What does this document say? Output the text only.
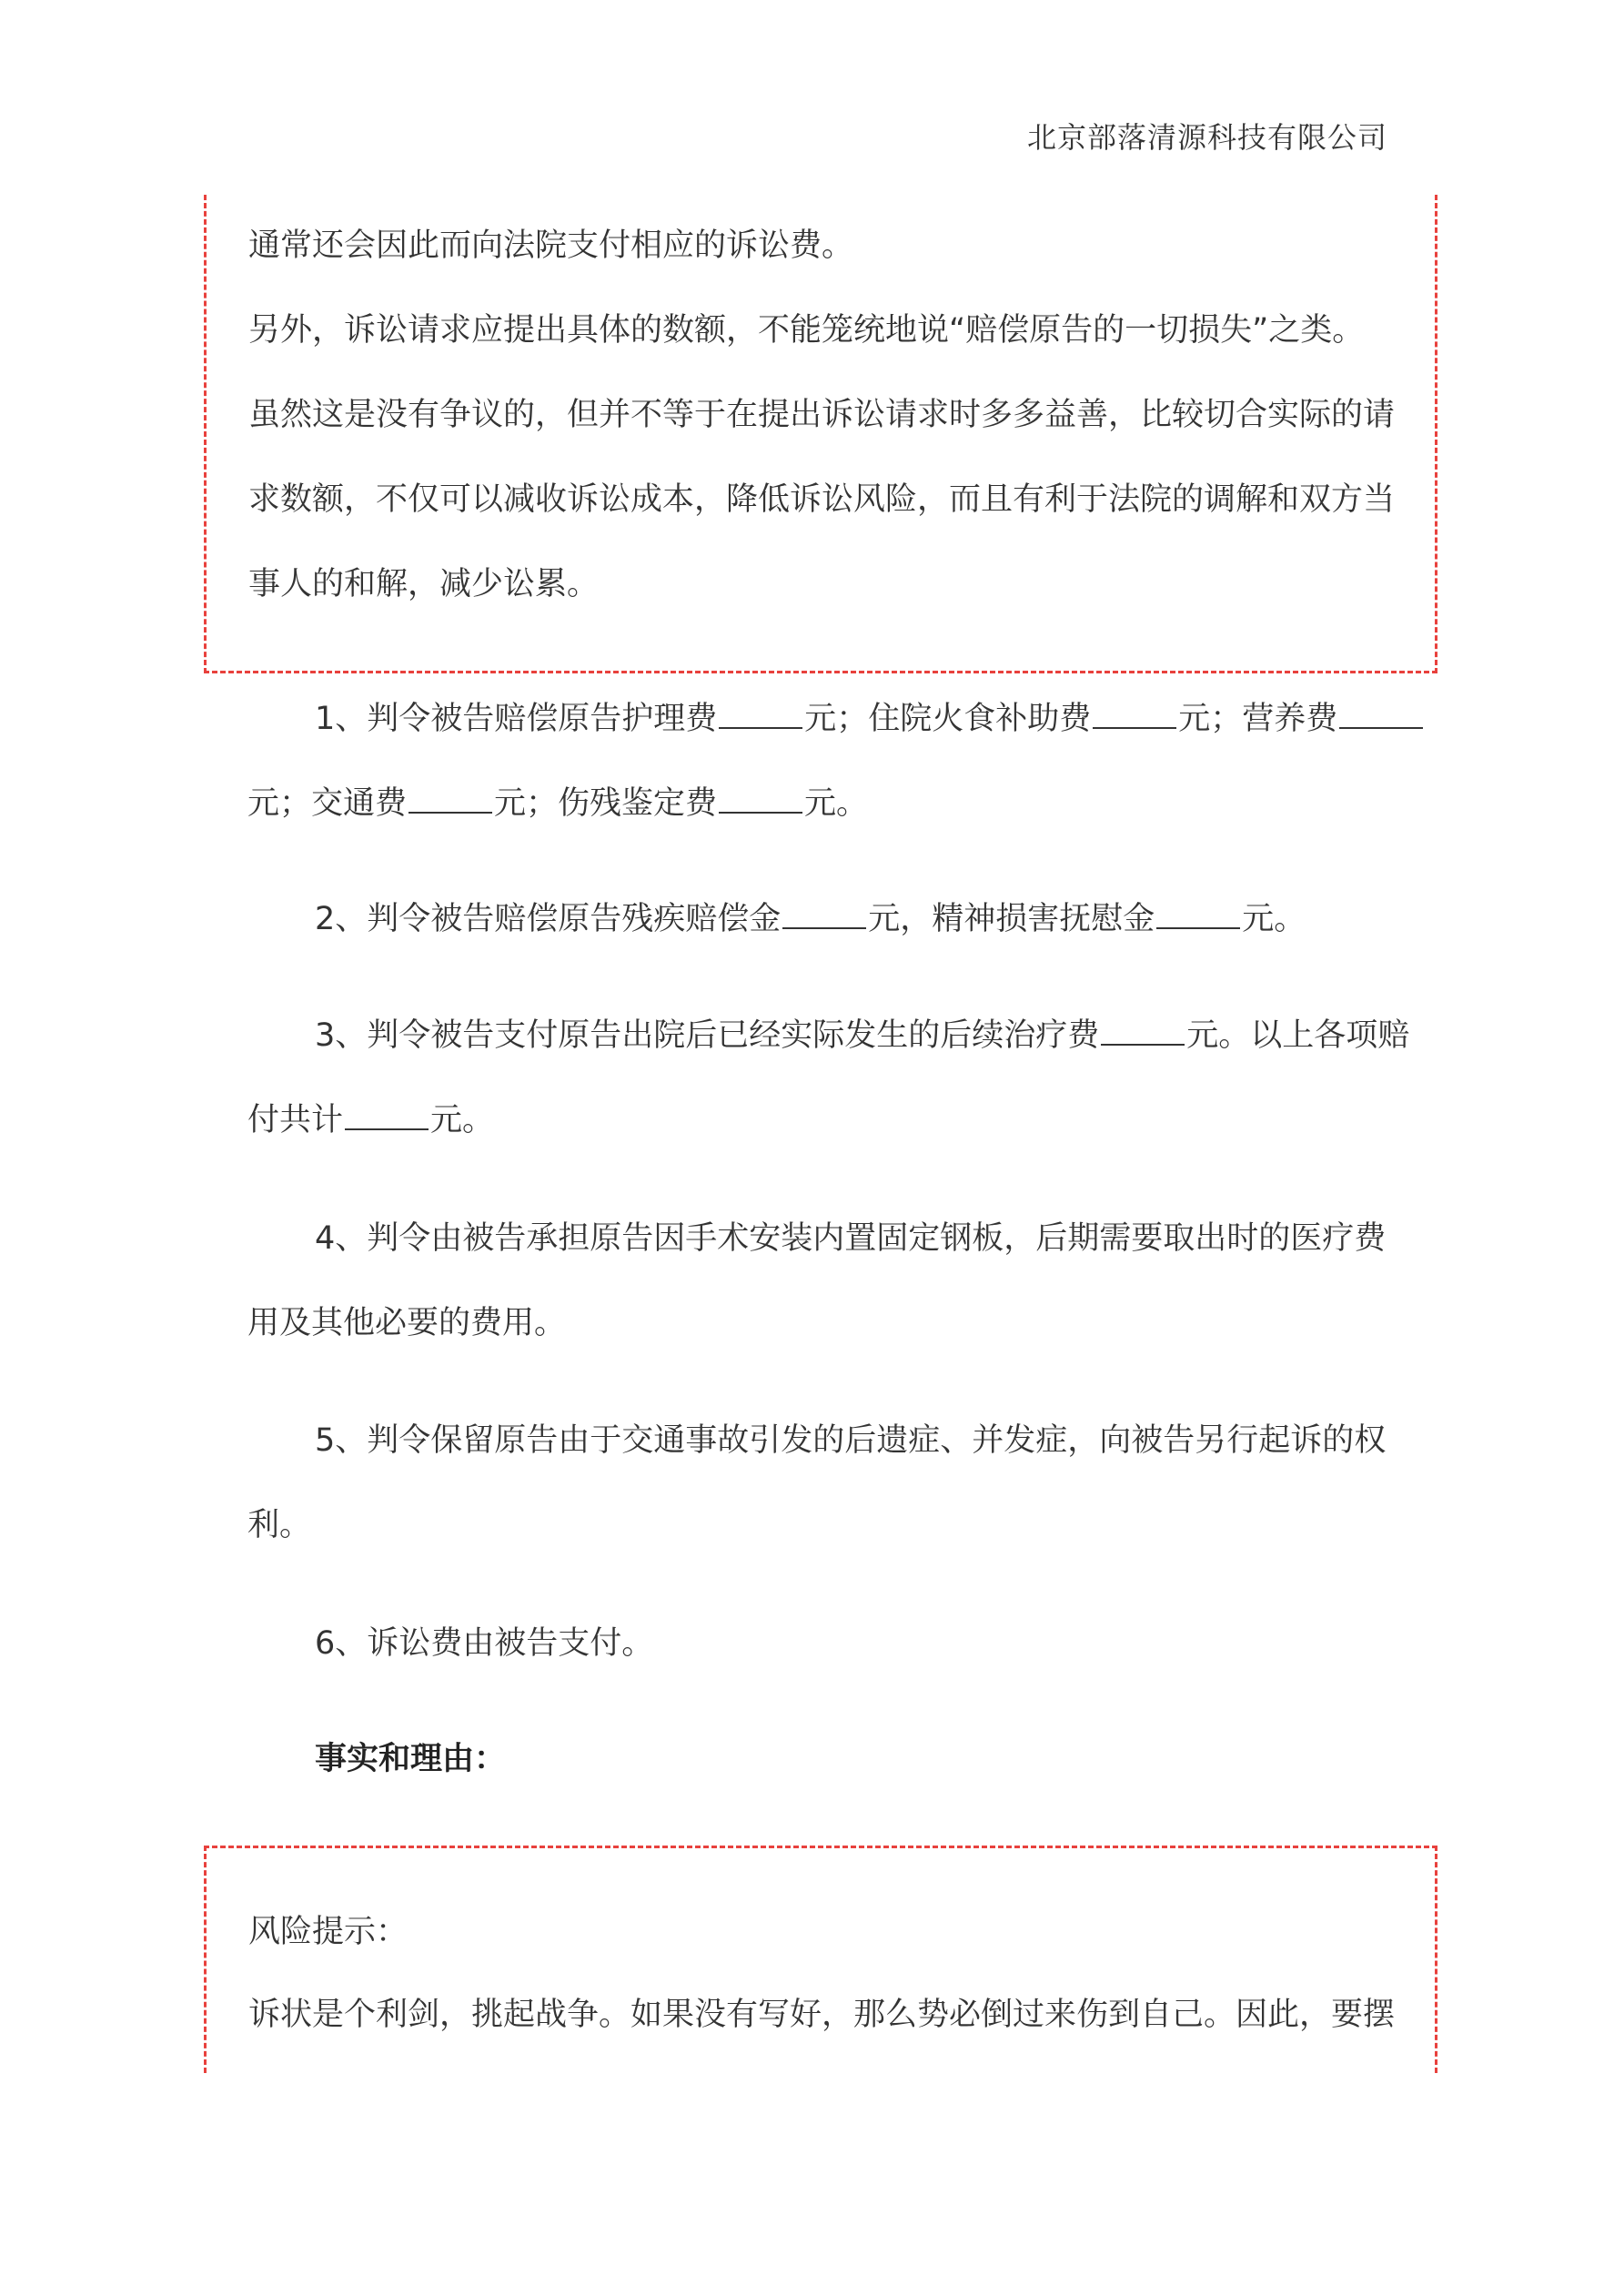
北京部落清源科技有限公司
通常还会因此而向法院支付相应的诉讼费。
另外，诉讼请求应提出具体的数额，不能笼统地说“赔偿原告的一切损失”之类。
虽然这是没有争议的，但并不等于在提出诉讼请求时多多益善，比较切合实际的请
求数额，不仅可以减收诉讼成本，降低诉讼风险，而且有利于法院的调解和双方当
事人的和解，减少讼累。
1、判令被告赔偿原告护理费	元；住院火食补助费	元；营养费
元；交通费	元；伤残鉴定费	元。
2、判令被告赔偿原告残疾赔偿金	元，精神损害抚慰金	元。
3、判令被告支付原告出院后已经实际发生的后续治疗费	元。以上各项赔
付共计	元。
4、判令由被告承担原告因手术安装内置固定钢板，后期需要取出时的医疗费
用及其他必要的费用。
5、判令保留原告由于交通事故引发的后遗症、并发症，向被告另行起诉的权
利。
6、诉讼费由被告支付。
事实和理由：
风险提示：
诉状是个利剑，挑起战争。如果没有写好，那么势必倒过来伤到自己。因此，要摆
